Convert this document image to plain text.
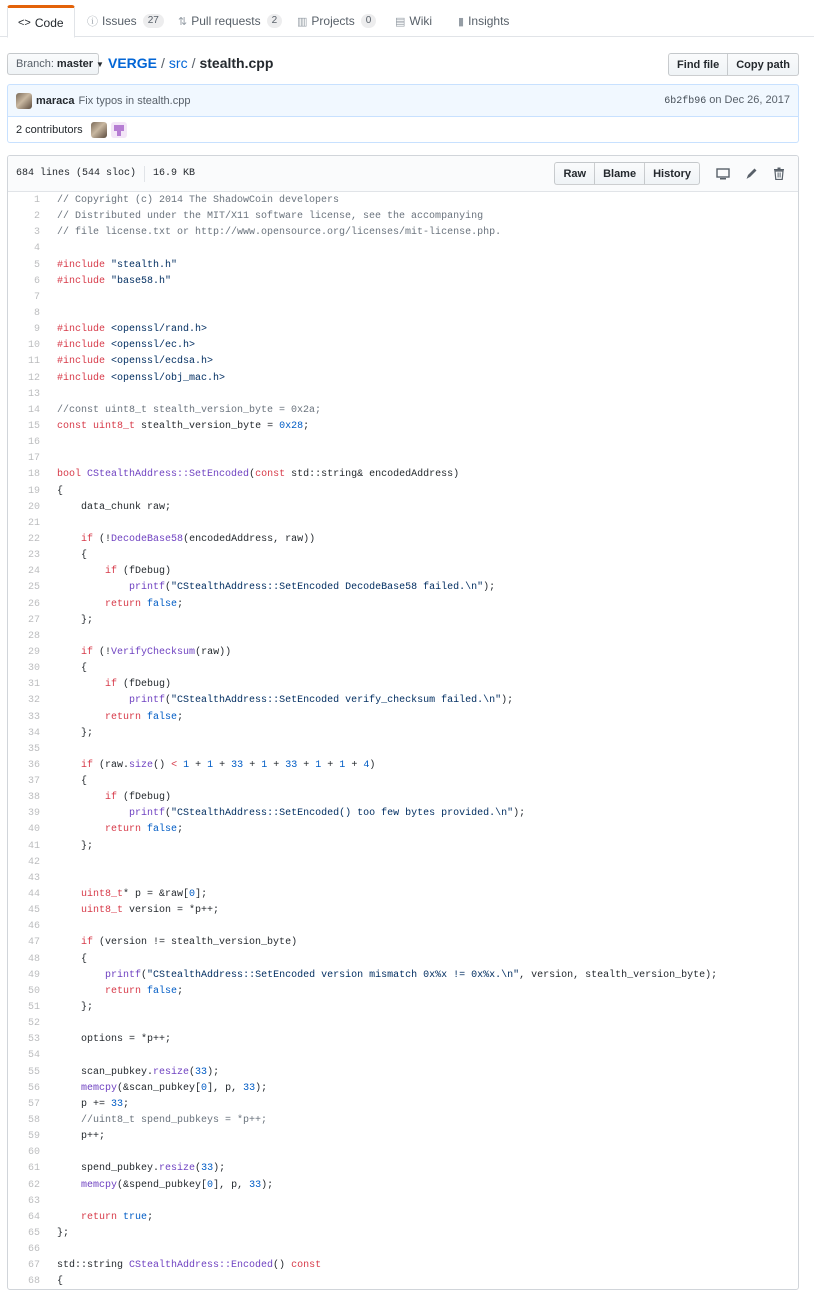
<> Code ⓘ Issues	27	⇅ Pull requests	2	▥ Projects	0	▤ Wiki ▮ Insights
Branch: master ▼ VERGE / src / stealth.cpp	Find file	Copy path
maraca Fix typos in stealth.cpp	6b2fb96 on Dec 26, 2017
2 contributors
684 lines (544 sloc) 16.9 KB	Raw	Blame	History
1	// Copyright (c) 2014 The ShadowCoin developers
2	// Distributed under the MIT/X11 software license, see the accompanying
3	// file license.txt or http://www.opensource.org/licenses/mit-license.php.
4
5	#include "stealth.h"
6	#include "base58.h"
7
8
9	#include <openssl/rand.h>
10	#include <openssl/ec.h>
11	#include <openssl/ecdsa.h>
12	#include <openssl/obj_mac.h>
13
14	//const uint8_t stealth_version_byte = 0x2a;
15	const uint8_t stealth_version_byte = 0x28;
16
17
18	bool CStealthAddress::SetEncoded(const std::string& encodedAddress)
19	{
20	data_chunk raw;
21
22	if (!DecodeBase58(encodedAddress, raw))
23	{
24	if (fDebug)
25	printf("CStealthAddress::SetEncoded DecodeBase58 failed.\n");
26	return false;
27	};
28
29	if (!VerifyChecksum(raw))
30	{
31	if (fDebug)
32	printf("CStealthAddress::SetEncoded verify_checksum failed.\n");
33	return false;
34	};
35
36	if (raw.size() < 1 + 1 + 33 + 1 + 33 + 1 + 1 + 4)
37	{
38	if (fDebug)
39	printf("CStealthAddress::SetEncoded() too few bytes provided.\n");
40	return false;
41	};
42
43
44	uint8_t* p = &raw[0];
45	uint8_t version = *p++;
46
47	if (version != stealth_version_byte)
48	{
49	printf("CStealthAddress::SetEncoded version mismatch 0x%x != 0x%x.\n", version, stealth_version_byte);
50	return false;
51	};
52
53	options = *p++;
54
55	scan_pubkey.resize(33);
56	memcpy(&scan_pubkey[0], p, 33);
57	p += 33;
58	//uint8_t spend_pubkeys = *p++;
59	p++;
60
61	spend_pubkey.resize(33);
62	memcpy(&spend_pubkey[0], p, 33);
63
64	return true;
65	};
66
67	std::string CStealthAddress::Encoded() const
68	{
